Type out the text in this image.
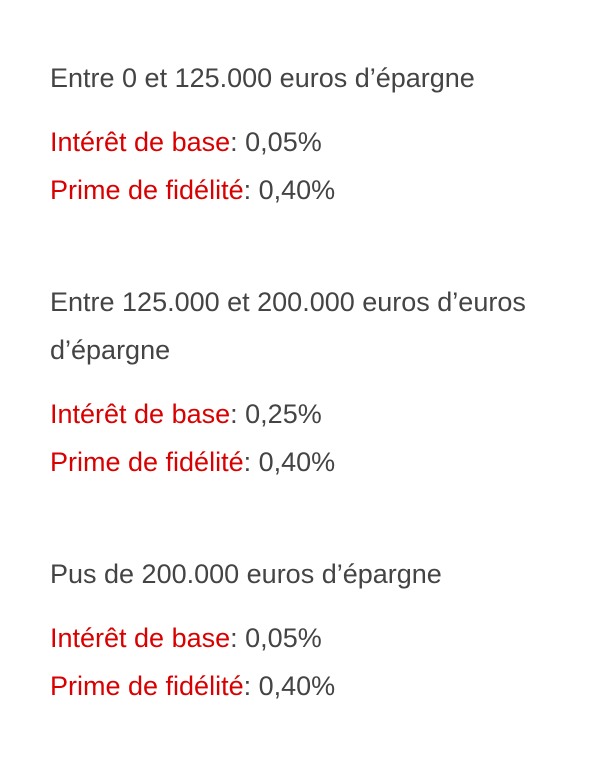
Entre 0 et 125.000 euros d’épargne

Intérêt de base: 0,05%
Prime de fidélité: 0,40%

Entre 125.000 et 200.000 euros d’euros d’épargne

Intérêt de base: 0,25%
Prime de fidélité: 0,40%

Pus de 200.000 euros d’épargne

Intérêt de base: 0,05%
Prime de fidélité: 0,40%
